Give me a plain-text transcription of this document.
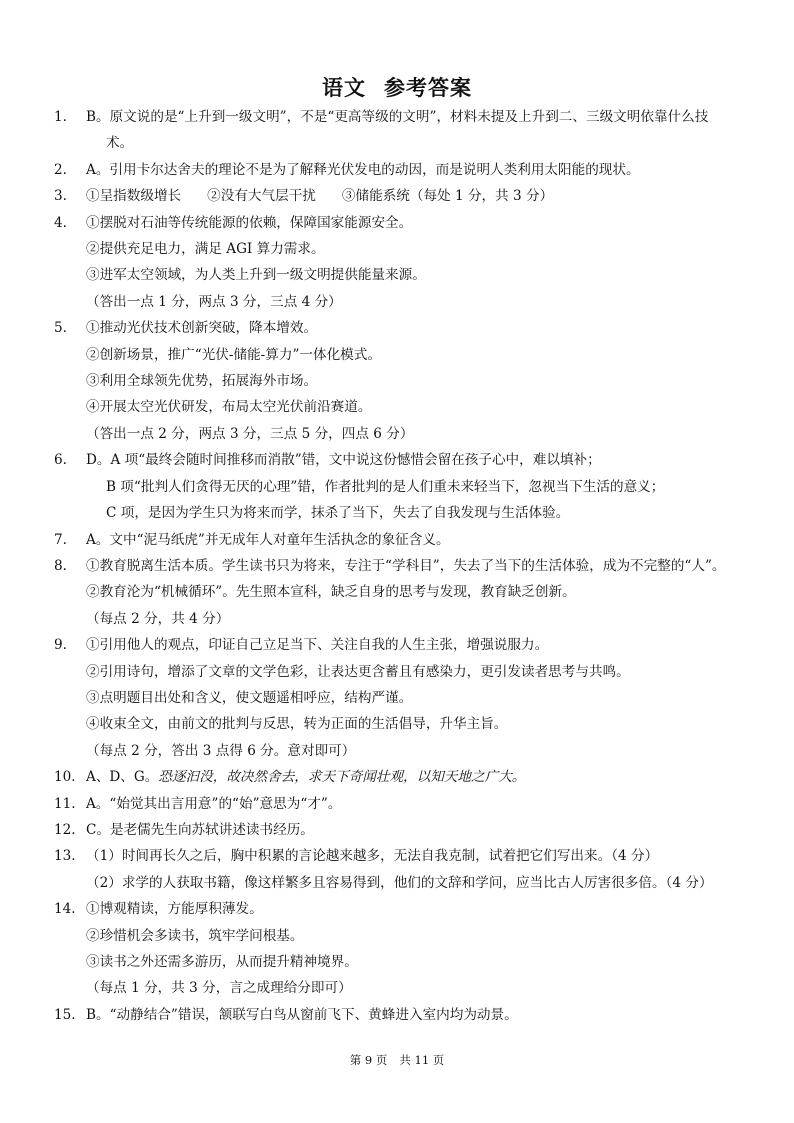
语文 参考答案
1. B。原文说的是“上升到一级文明”，不是“更高等级的文明”，材料未提及上升到二、三级文明依靠什么技
术。
2. A。引用卡尔达舍夫的理论不是为了解释光伏发电的动因，而是说明人类利用太阳能的现状。
3. ①呈指数级增长 ②没有大气层干扰 ③储能系统（每处 1 分，共 3 分）
4. ①摆脱对石油等传统能源的依赖，保障国家能源安全。
②提供充足电力，满足 AGI 算力需求。
③进军太空领域，为人类上升到一级文明提供能量来源。
（答出一点 1 分，两点 3 分，三点 4 分）
5. ①推动光伏技术创新突破，降本增效。
②创新场景，推广“光伏-储能-算力”一体化模式。
③利用全球领先优势，拓展海外市场。
④开展太空光伏研发，布局太空光伏前沿赛道。
（答出一点 2 分，两点 3 分，三点 5 分，四点 6 分）
6. D。A 项“最终会随时间推移而消散”错，文中说这份憾惜会留在孩子心中，难以填补；
B 项“批判人们贪得无厌的心理”错，作者批判的是人们重未来轻当下，忽视当下生活的意义；
C 项，是因为学生只为将来而学，抹杀了当下，失去了自我发现与生活体验。
7. A。文中“泥马纸虎”并无成年人对童年生活执念的象征含义。
8. ①教育脱离生活本质。学生读书只为将来，专注于“学科目”，失去了当下的生活体验，成为不完整的“人”。
②教育沦为“机械循环”。先生照本宣科，缺乏自身的思考与发现，教育缺乏创新。
（每点 2 分，共 4 分）
9. ①引用他人的观点，印证自己立足当下、关注自我的人生主张，增强说服力。
②引用诗句，增添了文章的文学色彩，让表达更含蓄且有感染力，更引发读者思考与共鸣。
③点明题目出处和含义，使文题遥相呼应，结构严谨。
④收束全文，由前文的批判与反思，转为正面的生活倡导，升华主旨。
（每点 2 分，答出 3 点得 6 分。意对即可）
10. A、D、G。恐逐汩没，故决然舍去，求天下奇闻壮观，以知天地之广大。
11. A。“始觉其出言用意”的“始”意思为“才”。
12. C。是老儒先生向苏轼讲述读书经历。
13. （1）时间再长久之后，胸中积累的言论越来越多，无法自我克制，试着把它们写出来。（4 分）
（2）求学的人获取书籍，像这样繁多且容易得到，他们的文辞和学问，应当比古人厉害很多倍。（4 分）
14. ①博观精读，方能厚积薄发。
②珍惜机会多读书，筑牢学问根基。
③读书之外还需多游历，从而提升精神境界。
（每点 1 分，共 3 分，言之成理给分即可）
15. B。“动静结合”错误，颔联写白鸟从窗前飞下、黄蜂进入室内均为动景。
第 9 页 共 11 页
